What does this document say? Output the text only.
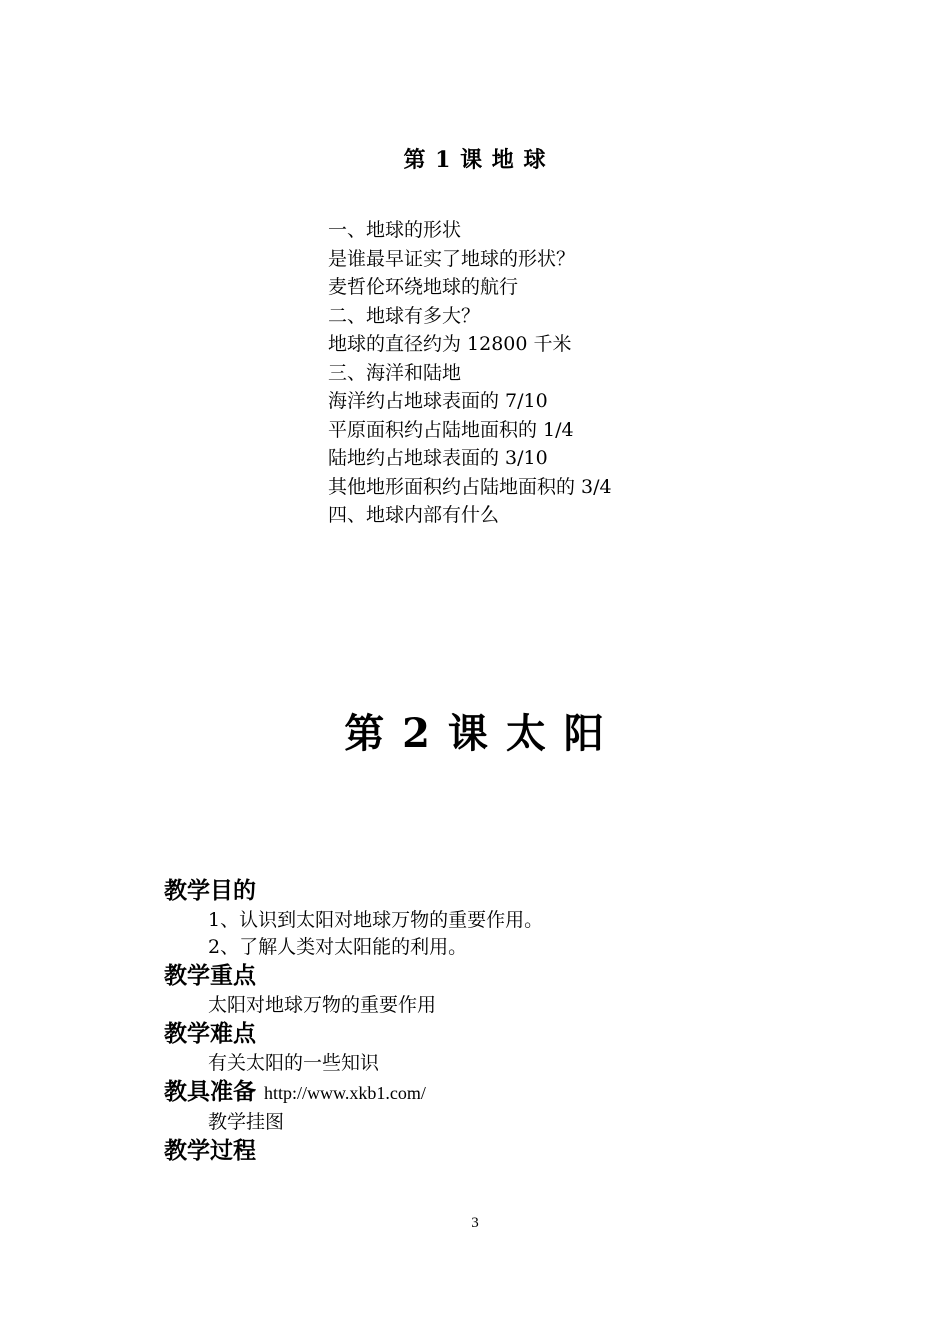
第 1 课 地 球
一、地球的形状
是谁最早证实了地球的形状？
麦哲伦环绕地球的航行
二、地球有多大？
地球的直径约为 12800 千米
三、海洋和陆地
海洋约占地球表面的 7/10
平原面积约占陆地面积的 1/4
陆地约占地球表面的 3/10
其他地形面积约占陆地面积的 3/4
四、地球内部有什么
第 2 课 太 阳
教学目的
1、认识到太阳对地球万物的重要作用。
2、了解人类对太阳能的利用。
教学重点
太阳对地球万物的重要作用
教学难点
有关太阳的一些知识
教具准备 http://www.xkb1.com/
教学挂图
教学过程
3
